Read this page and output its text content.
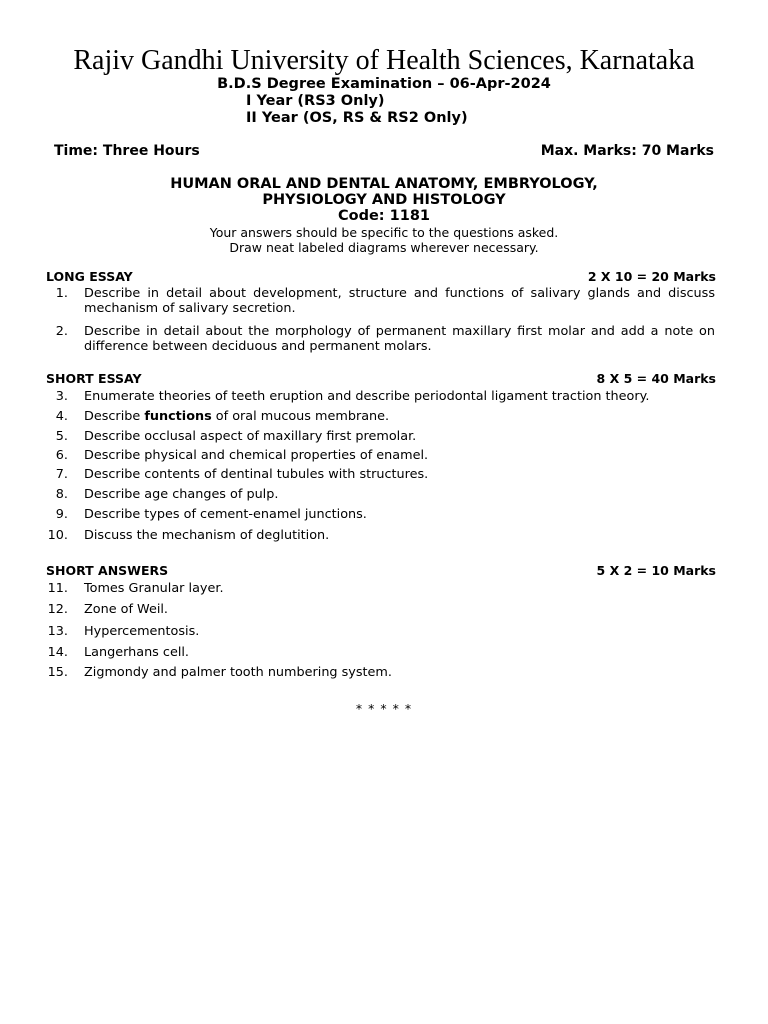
Rajiv Gandhi University of Health Sciences, Karnataka
B.D.S Degree Examination – 06-Apr-2024
I Year (RS3 Only)
II Year (OS, RS & RS2 Only)
Time: Three Hours	Max. Marks: 70 Marks
HUMAN ORAL AND DENTAL ANATOMY, EMBRYOLOGY,
PHYSIOLOGY AND HISTOLOGY
Code: 1181
Your answers should be specific to the questions asked.
Draw neat labeled diagrams wherever necessary.
LONG ESSAY	2 X 10 = 20 Marks
1. Describe in detail about development, structure and functions of salivary glands and discuss mechanism of salivary secretion.
2. Describe in detail about the morphology of permanent maxillary first molar and add a note on difference between deciduous and permanent molars.
SHORT ESSAY	8 X 5 = 40 Marks
3. Enumerate theories of teeth eruption and describe periodontal ligament traction theory.
4. Describe functions of oral mucous membrane.
5. Describe occlusal aspect of maxillary first premolar.
6. Describe physical and chemical properties of enamel.
7. Describe contents of dentinal tubules with structures.
8. Describe age changes of pulp.
9. Describe types of cement-enamel junctions.
10. Discuss the mechanism of deglutition.
SHORT ANSWERS	5 X 2 = 10 Marks
11. Tomes Granular layer.
12. Zone of Weil.
13. Hypercementosis.
14. Langerhans cell.
15. Zigmondy and palmer tooth numbering system.
* * * * *
